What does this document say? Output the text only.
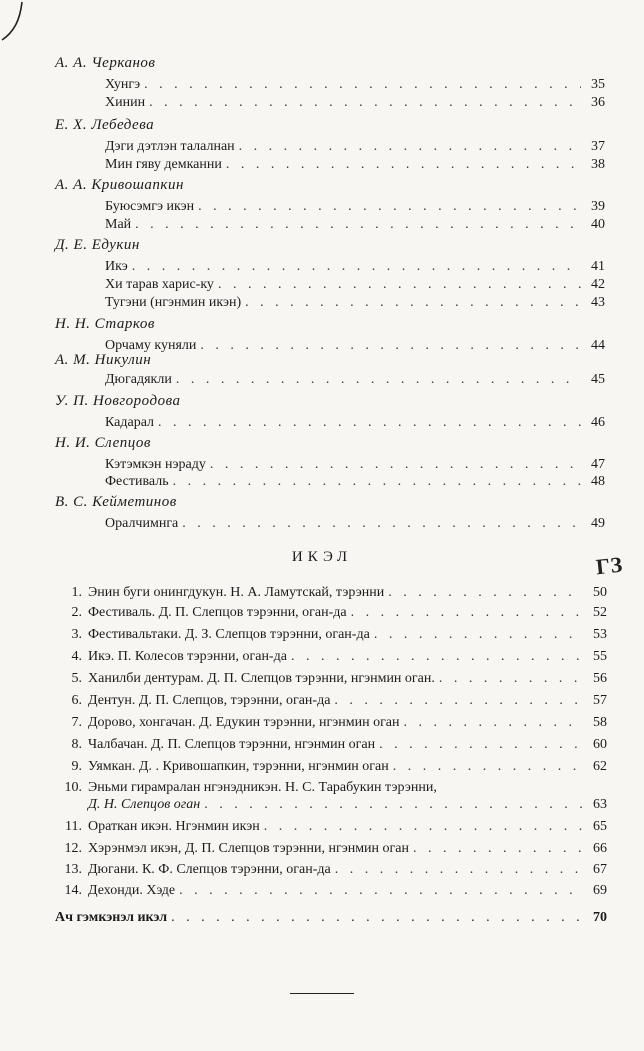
А. А. Черканов
Хунгэ . . .	35
Хинин . . .	36
Е. Х. Лебедева
Дэги дэтлэн талалнан . . .	37
Мин гяву демканни . . .	38
А. А. Кривошапкин
Буюсэмгэ икэн . . .	39
Май . . .	40
Д. Е. Едукин
Икэ . . .	41
Хи тарав харис-ку . . .	42
Тугэни (нгэнмин икэн) . . .	43
Н. Н. Старков
Орчаму куняли . . .	44
А. М. Никулин
Дюгадякли . . .	45
У. П. Новгородова
Кадарал . . .	46
Н. И. Слепцов
Кэтэмкэн нэраду . . .	47
Фестиваль . . .	48
В. С. Кейметинов
Оралчимнга . . .	49
ИКЭЛ	ГЗ
1. Энин буги онингдукун. Н. А. Ламутскай, тэрэнни . . .	50
2. Фестиваль. Д. П. Слепцов тэрэнни, оган-да . . .	52
3. Фестивальтаки. Д. З. Слепцов тэрэнни, оган-да . . .	53
4. Икэ. П. Колесов тэрэнни, оган-да . . .	55
5. Ханилби дентурам. Д. П. Слепцов тэрэнни, нгэнмин оган. . . .	56
6. Дентун. Д. П. Слепцов, тэрэнни, оган-да . . .	57
7. Дорово, хонгачан. Д. Едукин тэрэнни, нгэнмин оган . . .	58
8. Чалбачан. Д. П. Слепцов тэрэнни, нгэнмин оган . . .	60
9. Уямкан. Д. . Кривошапкин, тэрэнни, нгэнмин оган . . .	62
10. Эньми гирамралан нгэнэдникэн. Н. С. Тарабукин тэрэнни,
Д. Н. Слепцов оган . . .	63
11. Ораткан икэн. Нгэнмин икэн . . .	65
12. Хэрэнмэл икэн, Д. П. Слепцов тэрэнни, нгэнмин оган . . .	66
13. Дюгани. К. Ф. Слепцов тэрэнни, оган-да . . .	67
14. Дехонди. Хэде . . .	69
Ач гэмкэнэл икэл . . .	70
